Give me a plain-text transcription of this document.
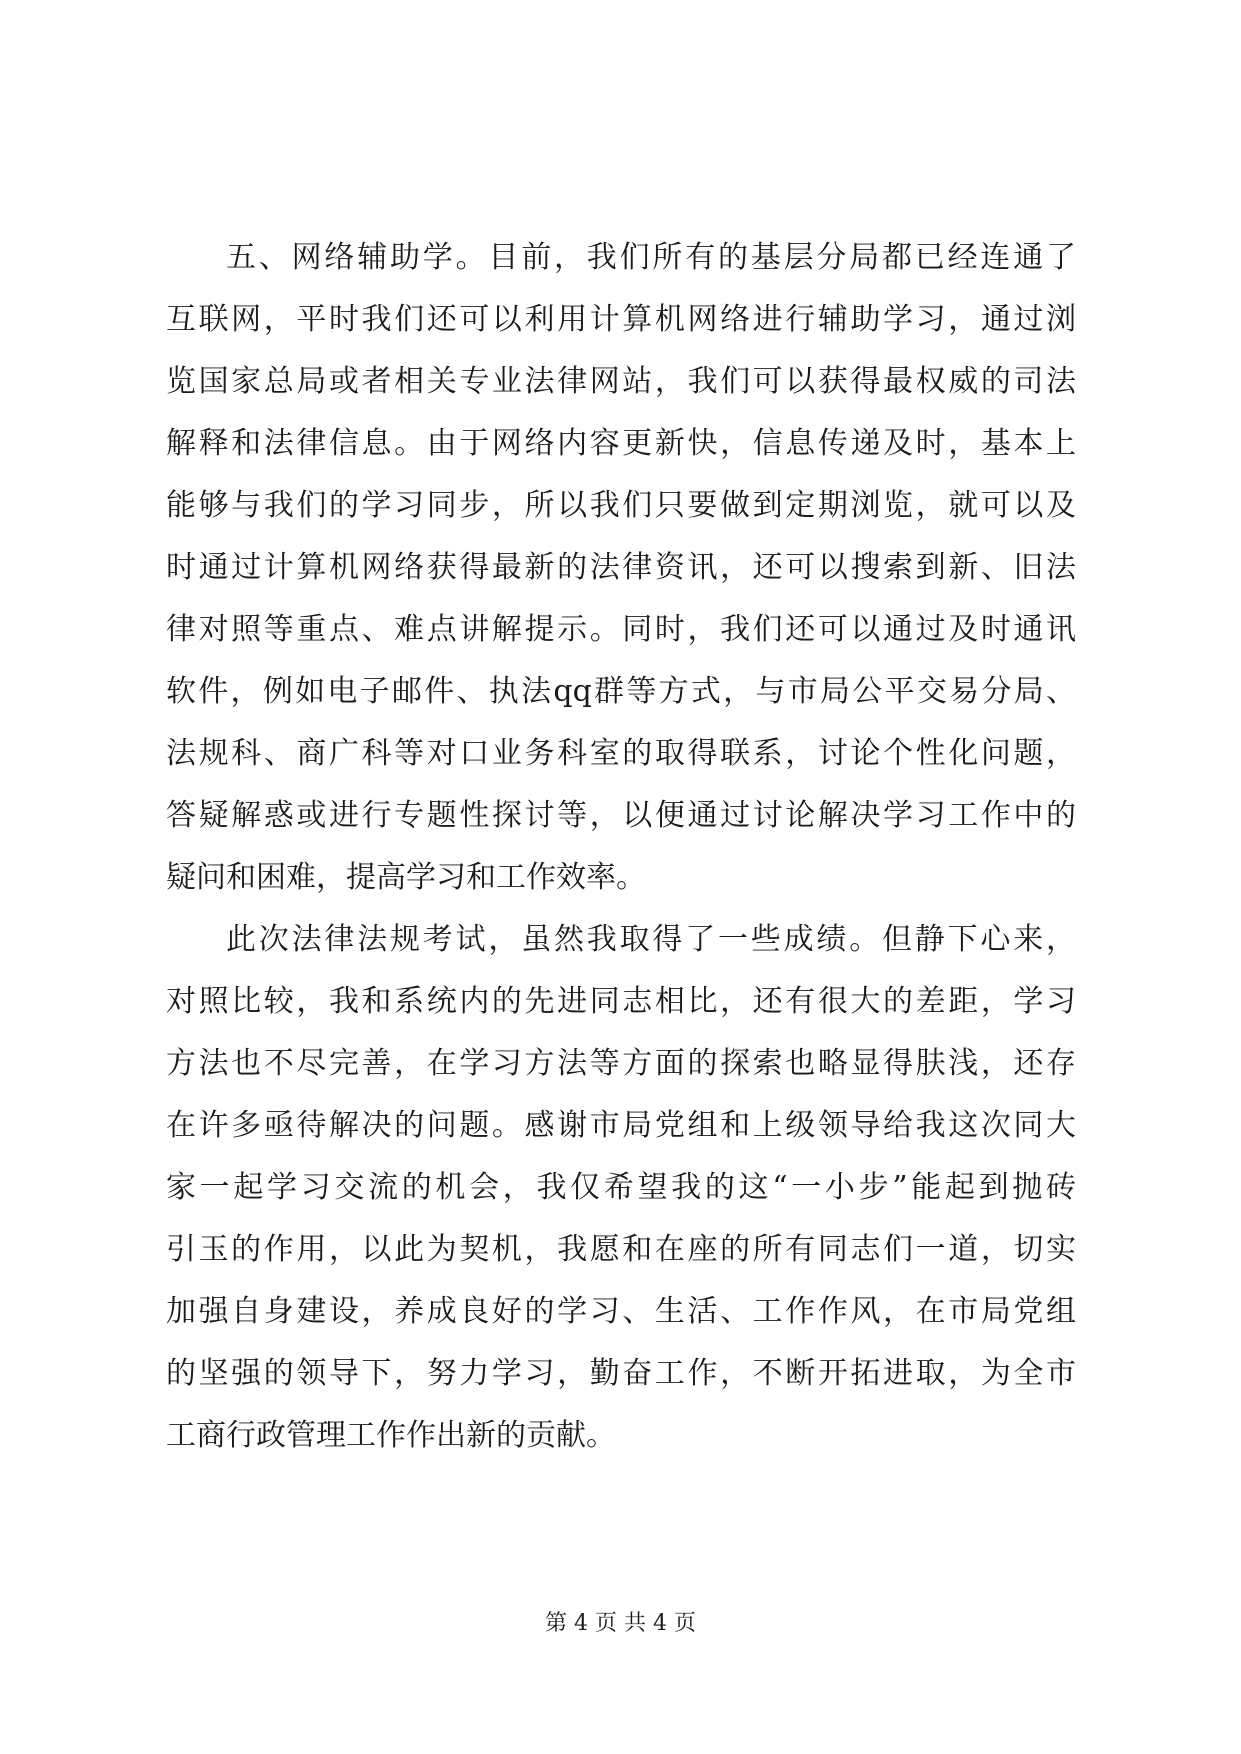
五、网络辅助学。目前，我们所有的基层分局都已经连通了
互联网，平时我们还可以利用计算机网络进行辅助学习，通过浏
览国家总局或者相关专业法律网站，我们可以获得最权威的司法
解释和法律信息。由于网络内容更新快，信息传递及时，基本上
能够与我们的学习同步，所以我们只要做到定期浏览，就可以及
时通过计算机网络获得最新的法律资讯，还可以搜索到新、旧法
律对照等重点、难点讲解提示。同时，我们还可以通过及时通讯
软件，例如电子邮件、执法qq群等方式，与市局公平交易分局、
法规科、商广科等对口业务科室的取得联系，讨论个性化问题，
答疑解惑或进行专题性探讨等，以便通过讨论解决学习工作中的
疑问和困难，提高学习和工作效率。
此次法律法规考试，虽然我取得了一些成绩。但静下心来，
对照比较，我和系统内的先进同志相比，还有很大的差距，学习
方法也不尽完善，在学习方法等方面的探索也略显得肤浅，还存
在许多亟待解决的问题。感谢市局党组和上级领导给我这次同大
家一起学习交流的机会，我仅希望我的这“一小步”能起到抛砖
引玉的作用，以此为契机，我愿和在座的所有同志们一道，切实
加强自身建设，养成良好的学习、生活、工作作风，在市局党组
的坚强的领导下，努力学习，勤奋工作，不断开拓进取，为全市
工商行政管理工作作出新的贡献。
第 4 页 共 4 页
